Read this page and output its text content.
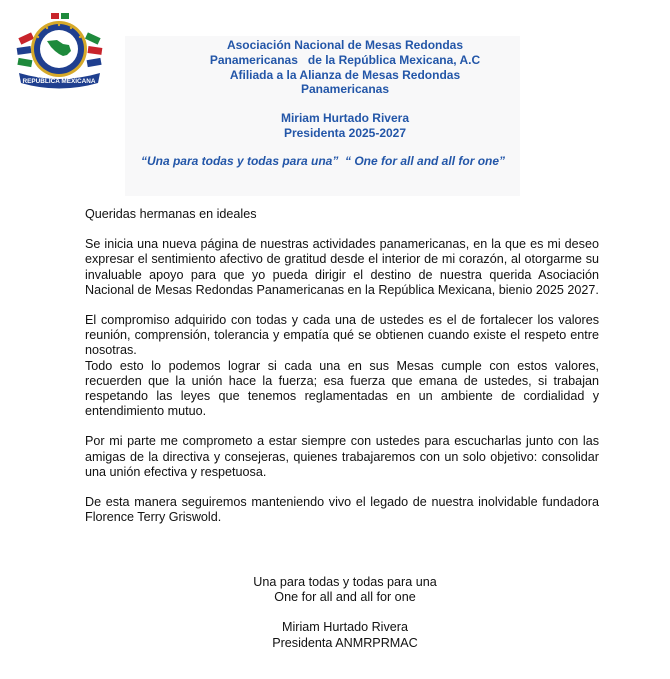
REPÚBLICA MEXICANA
Asociación Nacional de Mesas Redondas
Panamericanas   de la República Mexicana, A.C
Afiliada a la Alianza de Mesas Redondas
Panamericanas
Miriam Hurtado Rivera
Presidenta 2025-2027
“Una para todas y todas para una”  “ One for all and all for one”

Queridas hermanas en ideales

Se inicia una nueva página de nuestras actividades panamericanas, en la que es mi deseo expresar el sentimiento afectivo de gratitud desde el interior de mi corazón, al otorgarme su invaluable apoyo para que yo pueda dirigir el destino de nuestra querida Asociación Nacional de Mesas Redondas Panamericanas en la República Mexicana, bienio 2025 2027.

El compromiso adquirido con todas y cada una de ustedes es el de fortalecer los valores reunión, comprensión, tolerancia y empatía qué se obtienen cuando existe el respeto entre nosotras.

Todo esto lo podemos lograr si cada una en sus Mesas cumple con estos valores, recuerden que la unión hace la fuerza; esa fuerza que emana de ustedes, si trabajan respetando las leyes que tenemos reglamentadas en un ambiente de cordialidad y entendimiento mutuo.

Por mi parte me comprometo a estar siempre con ustedes para escucharlas junto con las amigas de la directiva y consejeras, quienes trabajaremos con un solo objetivo: consolidar una unión efectiva y respetuosa.

De esta manera seguiremos manteniendo vivo el legado de nuestra inolvidable fundadora Florence Terry Griswold.

Una para todas y todas para una
One for all and all for one
Miriam Hurtado Rivera
Presidenta ANMRPRMAC
